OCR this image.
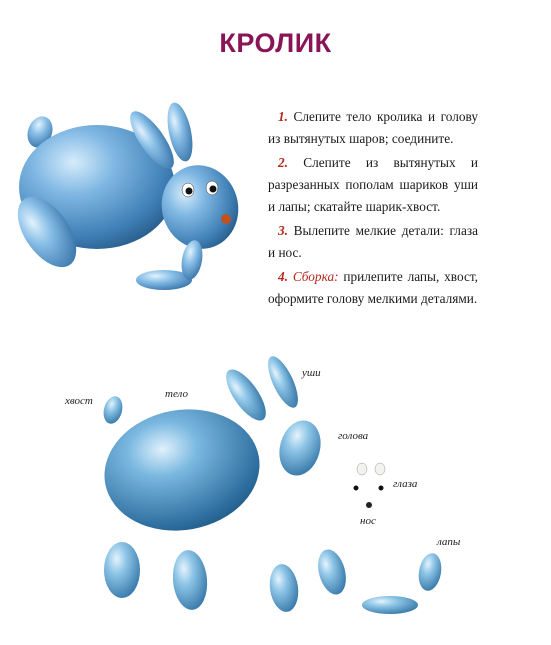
КРОЛИК

1. Слепите тело кролика и голову из вытянутых шаров; соедините.

2. Слепите из вытянутых и разрезанных пополам шариков уши и лапы; скатайте шарик-хвост.

3. Вылепите мелкие детали: глаза и нос.

4. Сборка: прилепите лапы, хвост, оформите голову мелкими деталями.

хвост
тело
уши
голова
глаза
нос
лапы
